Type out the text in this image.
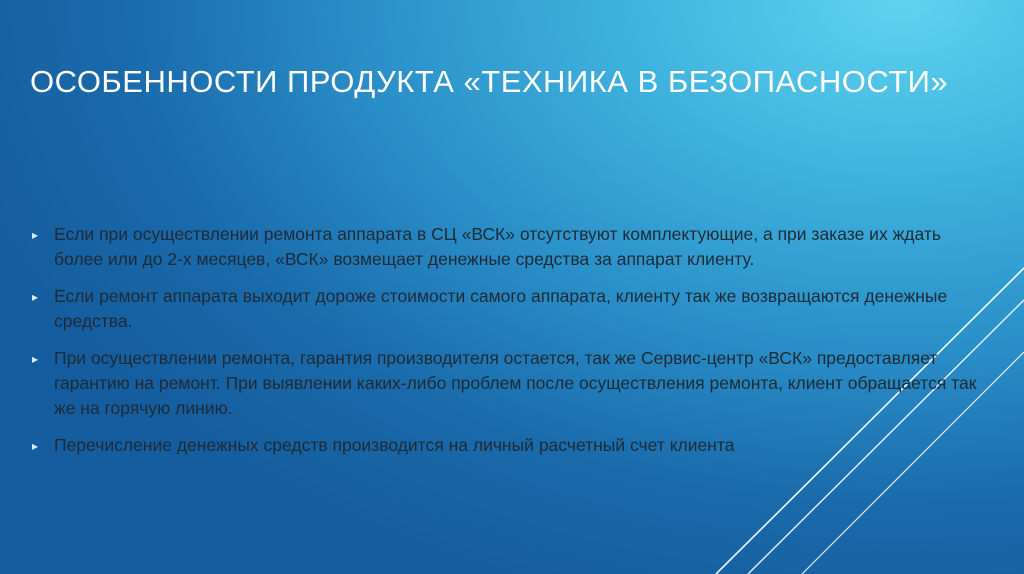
ОСОБЕННОСТИ ПРОДУКТА «ТЕХНИКА В БЕЗОПАСНОСТИ»
▸ Если при осуществлении ремонта аппарата в СЦ «ВСК» отсутствуют комплектующие, а при заказе их ждать более или до 2-х месяцев, «ВСК» возмещает денежные средства за аппарат клиенту.
▸ Если ремонт аппарата выходит дороже стоимости самого аппарата, клиенту так же возвращаются денежные средства.
▸ При осуществлении ремонта, гарантия производителя остается, так же Сервис-центр «ВСК» предоставляет гарантию на ремонт. При выявлении каких-либо проблем после осуществления ремонта, клиент обращается так же на горячую линию.
▸ Перечисление денежных средств производится на личный расчетный счет клиента
